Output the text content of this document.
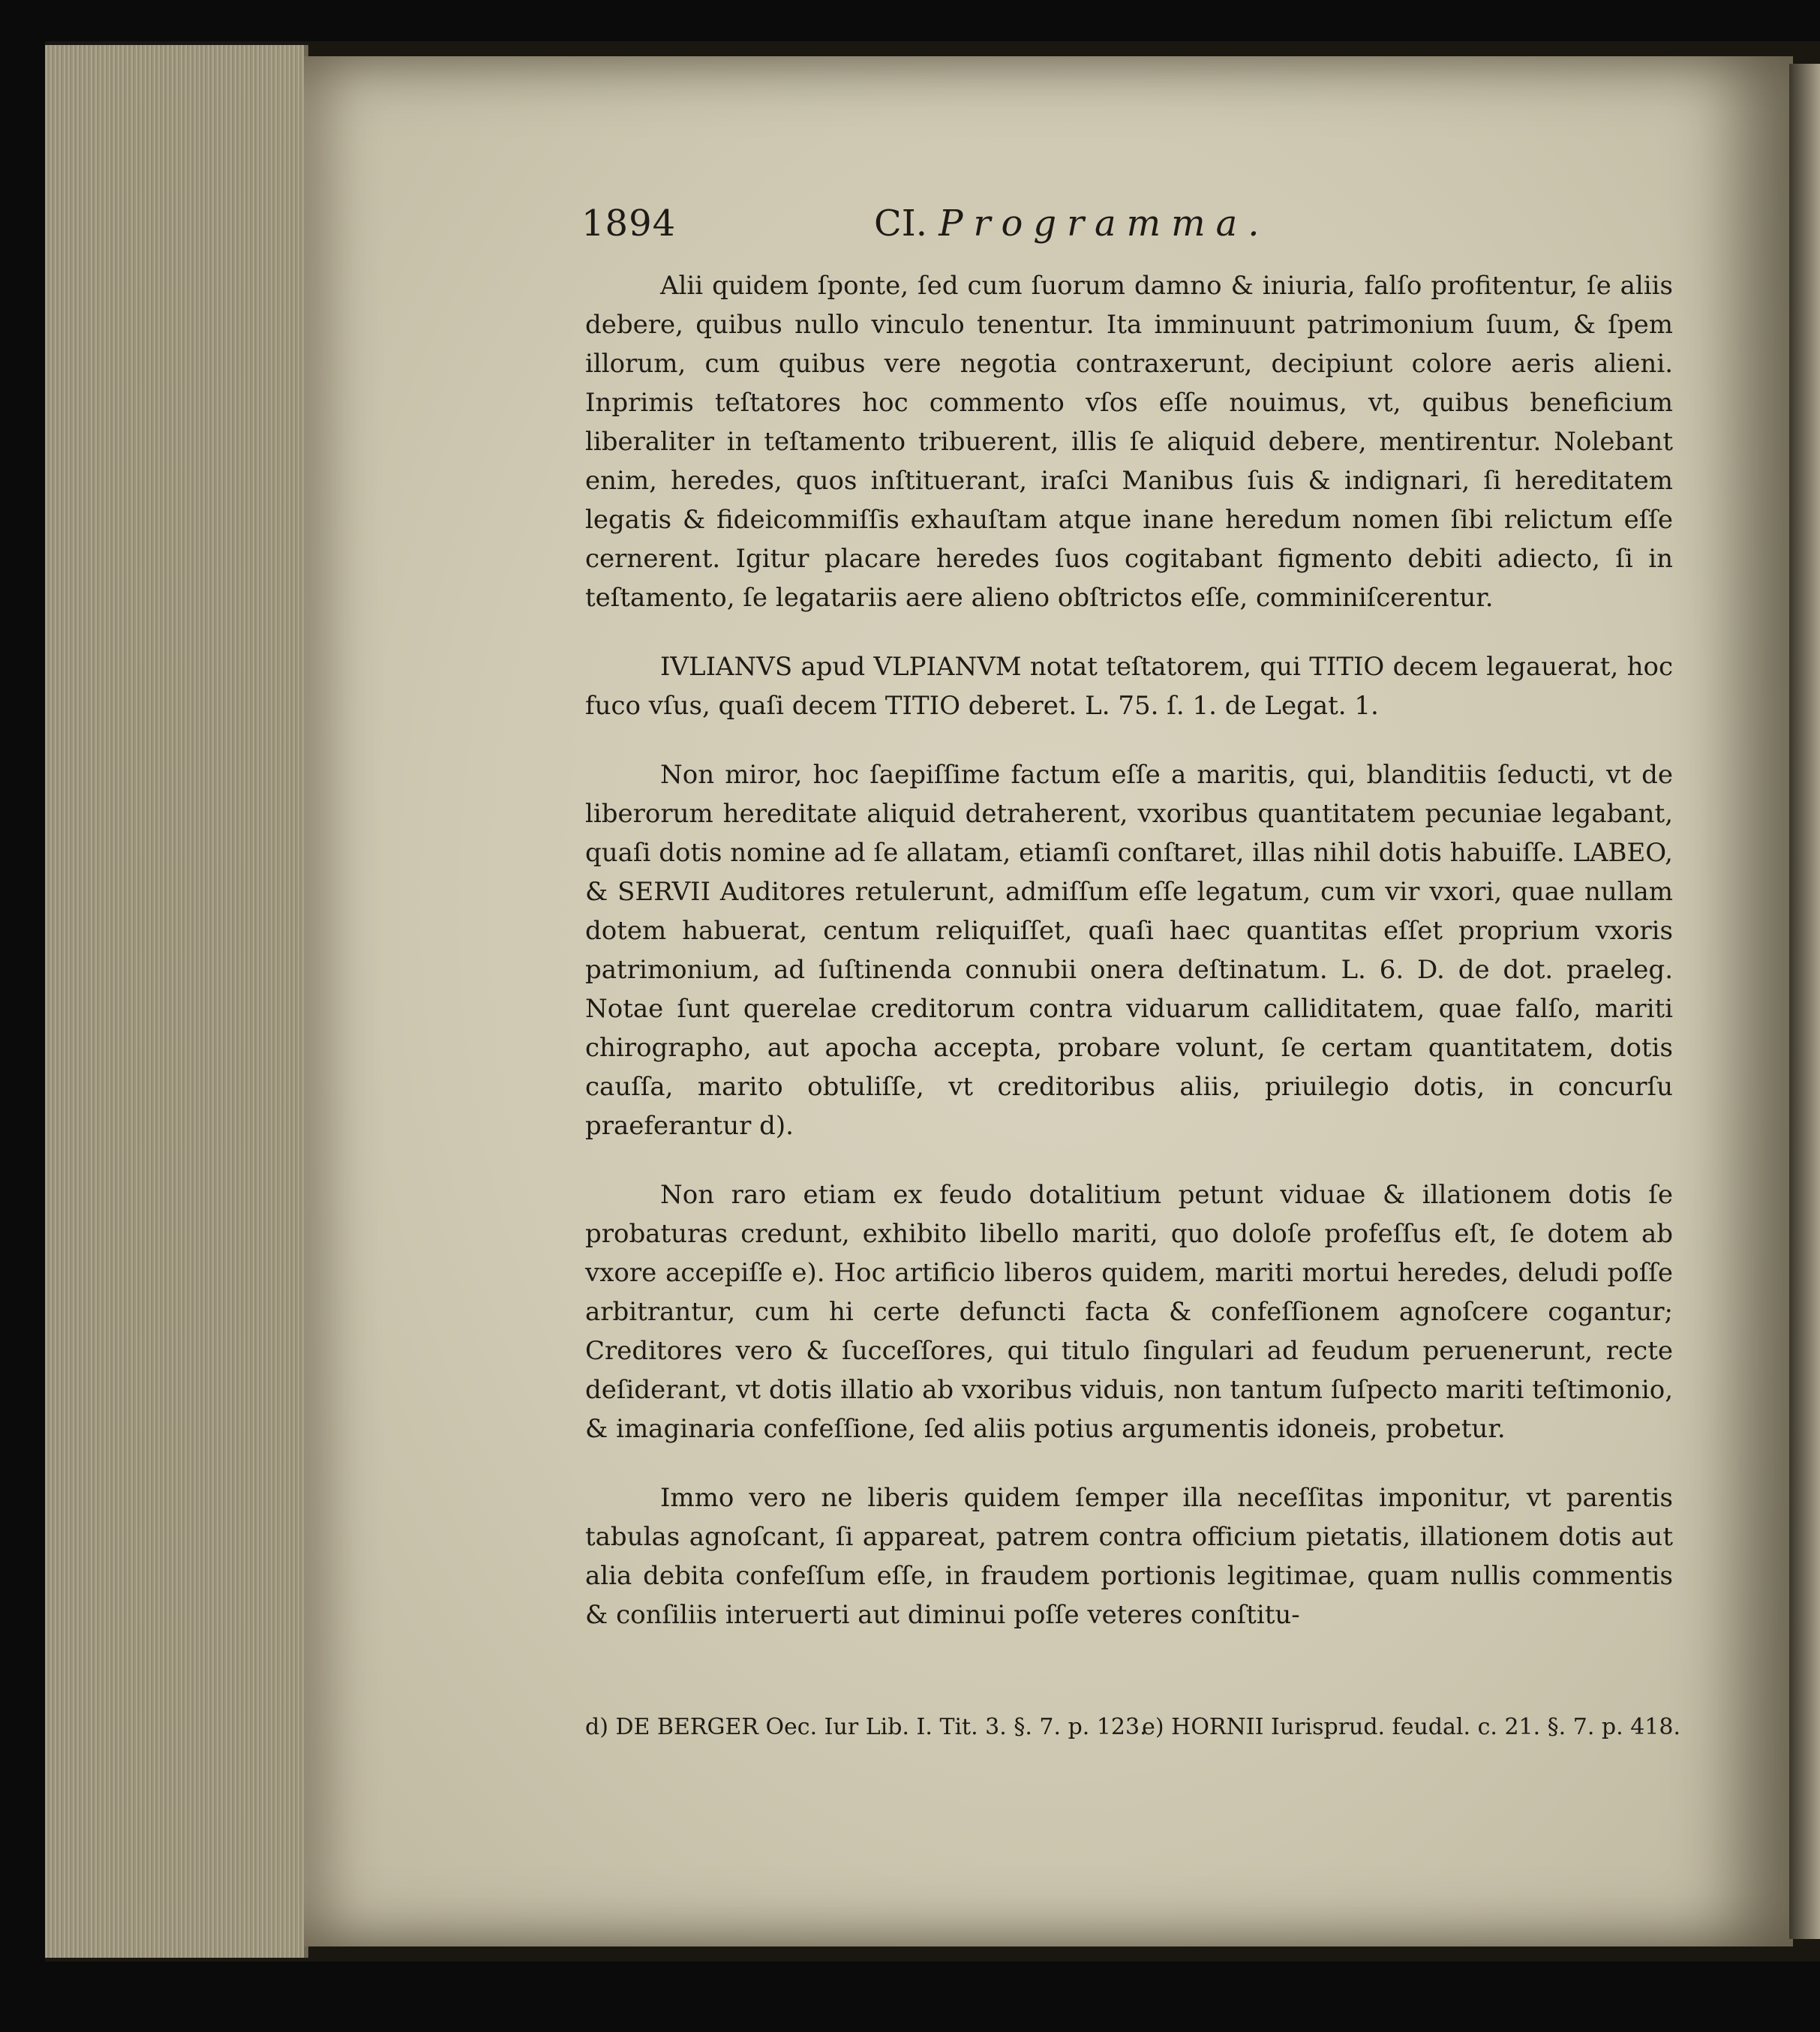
1894	CI. Programma.

Alii quidem ſponte, ſed cum ſuorum damno & iniuria, falſo profitentur, ſe aliis debere, quibus nullo vinculo tenentur. Ita imminuunt patrimonium ſuum, & ſpem illorum, cum quibus vere negotia contraxerunt, decipiunt colore aeris alieni. Inprimis teſtatores hoc commento vſos eſſe nouimus, vt, quibus beneficium liberaliter in teſtamento tribuerent, illis ſe aliquid debere, mentirentur. Nolebant enim, heredes, quos inſtituerant, iraſci Manibus ſuis & indignari, ſi hereditatem legatis & fideicommiſſis exhauſtam atque inane heredum nomen ſibi relictum eſſe cernerent. Igitur placare heredes ſuos cogitabant figmento debiti adiecto, ſi in teſtamento, ſe legatariis aere alieno obſtrictos eſſe, comminiſcerentur.

IVLIANVS apud VLPIANVM notat teſtatorem, qui TITIO decem legauerat, hoc fuco vſus, quaſi decem TITIO deberet. L. 75. ſ. 1. de Legat. 1.

Non miror, hoc ſaepiſſime factum eſſe a maritis, qui, blanditiis ſeducti, vt de liberorum hereditate aliquid detraherent, vxoribus quantitatem pecuniae legabant, quaſi dotis nomine ad ſe allatam, etiamſi conſtaret, illas nihil dotis habuiſſe. LABEO, & SERVII Auditores retulerunt, admiſſum eſſe legatum, cum vir vxori, quae nullam dotem habuerat, centum reliquiſſet, quaſi haec quantitas eſſet proprium vxoris patrimonium, ad ſuſtinenda connubii onera deſtinatum. L. 6. D. de dot. praeleg. Notae ſunt querelae creditorum contra viduarum calliditatem, quae falſo, mariti chirographo, aut apocha accepta, probare volunt, ſe certam quantitatem, dotis cauſſa, marito obtuliſſe, vt creditoribus aliis, priuilegio dotis, in concurſu praeferantur d).

Non raro etiam ex feudo dotalitium petunt viduae & illationem dotis ſe probaturas credunt, exhibito libello mariti, quo doloſe profeſſus eſt, ſe dotem ab vxore accepiſſe e). Hoc artificio liberos quidem, mariti mortui heredes, deludi poſſe arbitrantur, cum hi certe defuncti facta & confeſſionem agnoſcere cogantur; Creditores vero & ſucceſſores, qui titulo ſingulari ad feudum peruenerunt, recte deſiderant, vt dotis illatio ab vxoribus viduis, non tantum ſuſpecto mariti teſtimonio, & imaginaria confeſſione, ſed aliis potius argumentis idoneis, probetur.

Immo vero ne liberis quidem ſemper illa neceſſitas imponitur, vt parentis tabulas agnoſcant, ſi appareat, patrem contra officium pietatis, illationem dotis aut alia debita confeſſum eſſe, in fraudem portionis legitimae, quam nullis commentis & conſiliis interuerti aut diminui poſſe veteres conſtitu-

d) DE BERGER Oec. Iur Lib. I. Tit. 3. §. 7. p. 123.
e) HORNII Iurisprud. feudal. c. 21. §. 7. p. 418.
